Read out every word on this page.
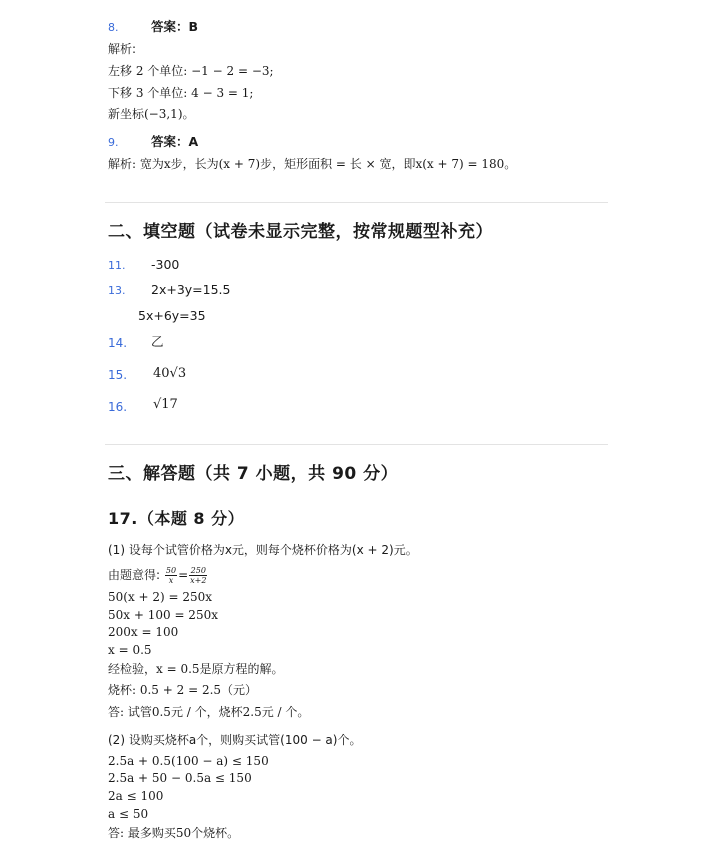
8.	答案：B
解析:
左移 2 个单位: −1 − 2 = −3;
下移 3 个单位: 4 − 3 = 1;
新坐标(−3,1)。
9.	答案：A
解析: 宽为x步，长为(x + 7)步，矩形面积 = 长 × 宽，即x(x + 7) = 180。
二、填空题（试卷未显示完整，按常规题型补充）
11. -300
13. 2x+3y=15.5
5x+6y=35
14. 乙
15. 40√3
16. √17
三、解答题（共 7 小题，共 90 分）
17.（本题 8 分）
(1) 设每个试管价格为x元，则每个烧杯价格为(x + 2)元。
由题意得: $\frac{50}{x} = \frac{250}{x+2}$
50(x + 2) = 250x
50x + 100 = 250x
200x = 100
x = 0.5
经检验，x = 0.5是原方程的解。
烧杯: 0.5 + 2 = 2.5（元）
答: 试管0.5元 / 个，烧杯2.5元 / 个。
(2) 设购买烧杯a个，则购买试管(100 − a)个。
2.5a + 0.5(100 − a) ≤ 150
2.5a + 50 − 0.5a ≤ 150
2a ≤ 100
a ≤ 50
答: 最多购买50个烧杯。
